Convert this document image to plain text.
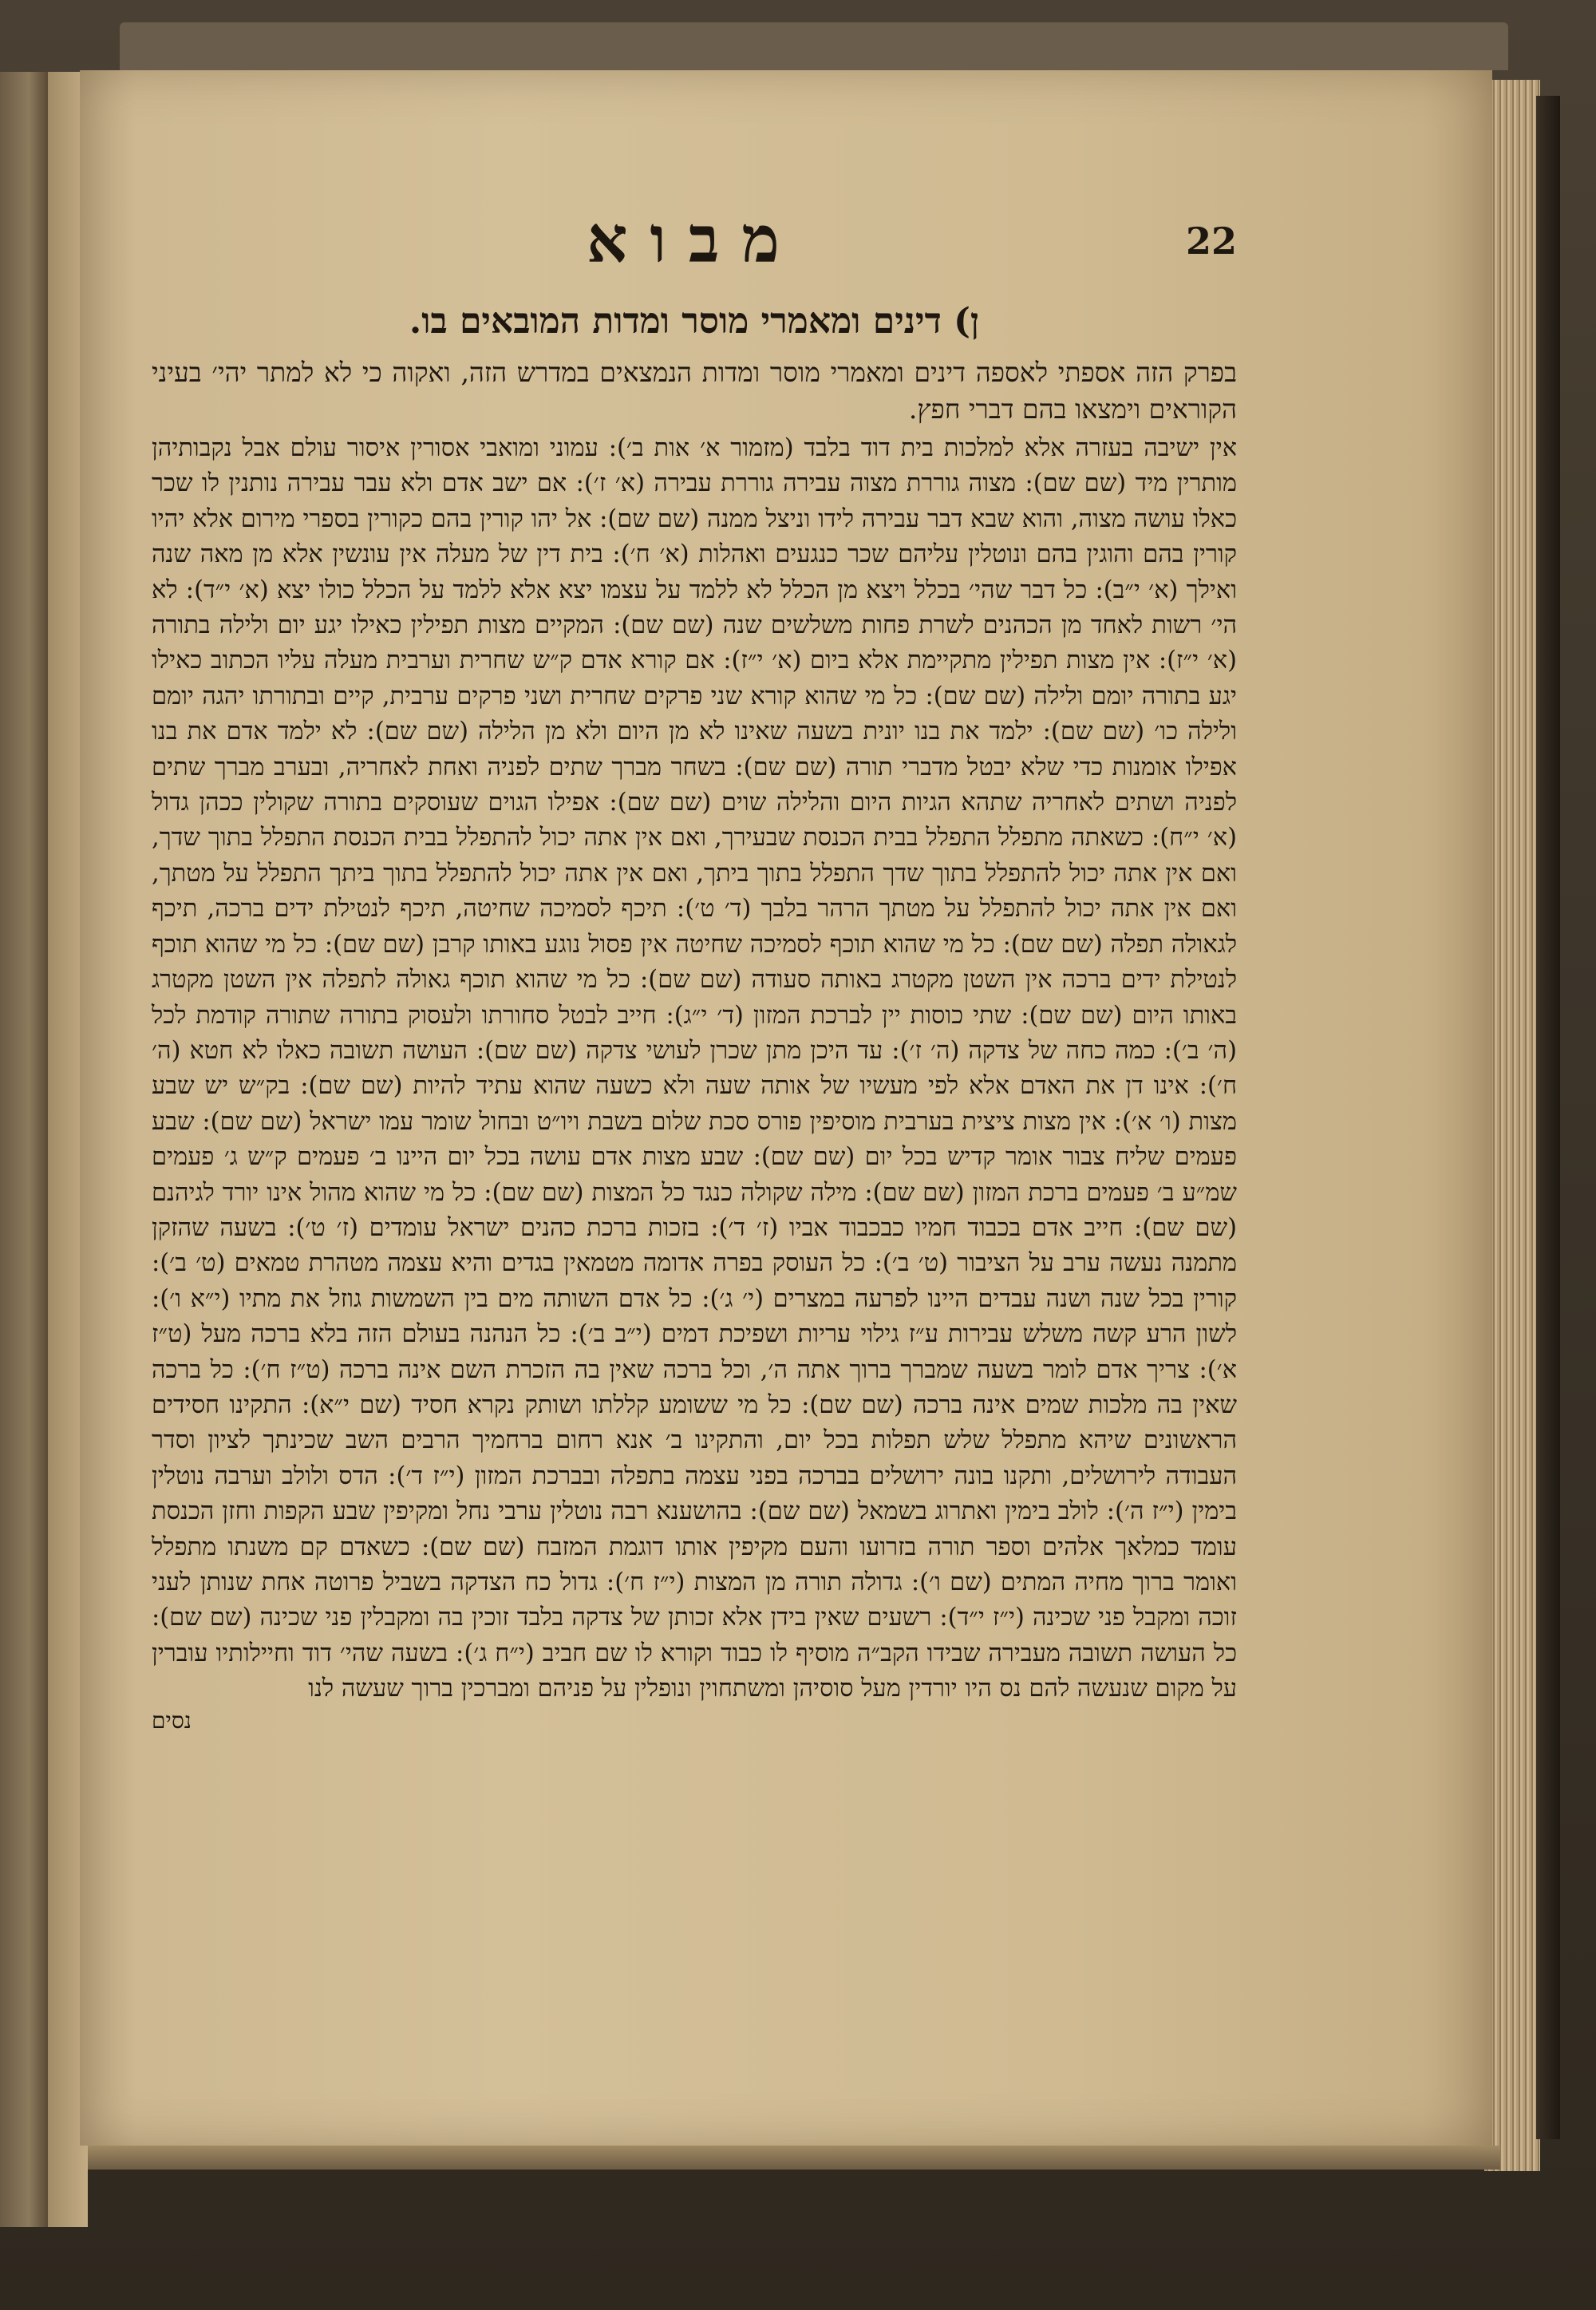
מבוא	22
ן) דינים ומאמרי מוסר ומדות המובאים בו.

בפרק הזה אספתי לאספה דינים ומאמרי מוסר ומדות הנמצאים במדרש הזה, ואקוה כי לא למתר יהי׳ בעיני הקוראים וימצאו בהם דברי חפץ.

אין ישיבה בעזרה אלא למלכות בית דוד בלבד (מזמור א׳ אות ב׳): עמוני ומואבי אסורין איסור עולם אבל נקבותיהן מותרין מיד (שם שם): מצוה גוררת מצוה עבירה גוררת עבירה (א׳ ז׳): אם ישב אדם ולא עבר עבירה נותנין לו שכר כאלו עושה מצוה, והוא שבא דבר עבירה לידו וניצל ממנה (שם שם): אל יהו קורין בהם כקורין בספרי מירום אלא יהיו קורין בהם והוגין בהם ונוטלין עליהם שכר כנגעים ואהלות (א׳ ח׳): בית דין של מעלה אין עונשין אלא מן מאה שנה ואילך (א׳ י״ב): כל דבר שהי׳ בכלל ויצא מן הכלל לא ללמד על עצמו יצא אלא ללמד על הכלל כולו יצא (א׳ י״ד): לא הי׳ רשות לאחד מן הכהנים לשרת פחות משלשים שנה (שם שם): המקיים מצות תפילין כאילו יגע יום ולילה בתורה (א׳ י״ז): אין מצות תפילין מתקיימת אלא ביום (א׳ י״ז): אם קורא אדם ק״ש שחרית וערבית מעלה עליו הכתוב כאילו יגע בתורה יומם ולילה (שם שם): כל מי שהוא קורא שני פרקים שחרית ושני פרקים ערבית, קיים ובתורתו יהגה יומם ולילה כו׳ (שם שם): ילמד את בנו יונית בשעה שאינו לא מן היום ולא מן הלילה (שם שם): לא ילמד אדם את בנו אפילו אומנות כדי שלא יבטל מדברי תורה (שם שם): בשחר מברך שתים לפניה ואחת לאחריה, ובערב מברך שתים לפניה ושתים לאחריה שתהא הגיות היום והלילה שוים (שם שם): אפילו הגוים שעוסקים בתורה שקולין ככהן גדול (א׳ י״ח): כשאתה מתפלל התפלל בבית הכנסת שבעירך, ואם אין אתה יכול להתפלל בבית הכנסת התפלל בתוך שדך, ואם אין אתה יכול להתפלל בתוך שדך התפלל בתוך ביתך, ואם אין אתה יכול להתפלל בתוך ביתך התפלל על מטתך, ואם אין אתה יכול להתפלל על מטתך הרהר בלבך (ד׳ ט׳): תיכף לסמיכה שחיטה, תיכף לנטילת ידים ברכה, תיכף לגאולה תפלה (שם שם): כל מי שהוא תוכף לסמיכה שחיטה אין פסול נוגע באותו קרבן (שם שם): כל מי שהוא תוכף לנטילת ידים ברכה אין השטן מקטרג באותה סעודה (שם שם): כל מי שהוא תוכף גאולה לתפלה אין השטן מקטרג באותו היום (שם שם): שתי כוסות יין לברכת המזון (ד׳ י״ג): חייב לבטל סחורתו ולעסוק בתורה שתורה קודמת לכל (ה׳ ב׳): כמה כחה של צדקה (ה׳ ז׳): עד היכן מתן שכרן לעושי צדקה (שם שם): העושה תשובה כאלו לא חטא (ה׳ ח׳): אינו דן את האדם אלא לפי מעשיו של אותה שעה ולא כשעה שהוא עתיד להיות (שם שם): בק״ש יש שבע מצות (ו׳ א׳): אין מצות ציצית בערבית מוסיפין פורס סכת שלום בשבת ויו״ט ובחול שומר עמו ישראל (שם שם): שבע פעמים שליח צבור אומר קדיש בכל יום (שם שם): שבע מצות אדם עושה בכל יום היינו ב׳ פעמים ק״ש ג׳ פעמים שמ״ע ב׳ פעמים ברכת המזון (שם שם): מילה שקולה כנגד כל המצות (שם שם): כל מי שהוא מהול אינו יורד לגיהנם (שם שם): חייב אדם בכבוד חמיו כבכבוד אביו (ז׳ ד׳): בזכות ברכת כהנים ישראל עומדים (ז׳ ט׳): בשעה שהזקן מתמנה נעשה ערב על הציבור (ט׳ ב׳): כל העוסק בפרה אדומה מטמאין בגדים והיא עצמה מטהרת טמאים (ט׳ ב׳): קורין בכל שנה ושנה עבדים היינו לפרעה במצרים (י׳ ג׳): כל אדם השותה מים בין השמשות גוזל את מתיו (י״א ו׳): לשון הרע קשה משלש עבירות ע״ז גילוי עריות ושפיכת דמים (י״ב ב׳): כל הנהנה בעולם הזה בלא ברכה מעל (ט״ז א׳): צריך אדם לומר בשעה שמברך ברוך אתה ה׳, וכל ברכה שאין בה הזכרת השם אינה ברכה (ט״ז ח׳): כל ברכה שאין בה מלכות שמים אינה ברכה (שם שם): כל מי ששומע קללתו ושותק נקרא חסיד (שם י״א): התקינו חסידים הראשונים שיהא מתפלל שלש תפלות בכל יום, והתקינו ב׳ אנא רחום ברחמיך הרבים השב שכינתך לציון וסדר העבודה לירושלים, ותקנו בונה ירושלים בברכה בפני עצמה בתפלה ובברכת המזון (י״ז ד׳): הדס ולולב וערבה נוטלין בימין (י״ז ה׳): לולב בימין ואתרוג בשמאל (שם שם): בהושענא רבה נוטלין ערבי נחל ומקיפין שבע הקפות וחזן הכנסת עומד כמלאך אלהים וספר תורה בזרועו והעם מקיפין אותו דוגמת המזבח (שם שם): כשאדם קם משנתו מתפלל ואומר ברוך מחיה המתים (שם ו׳): גדולה תורה מן המצות (י״ז ח׳): גדול כח הצדקה בשביל פרוטה אחת שנותן לעני זוכה ומקבל פני שכינה (י״ז י״ד): רשעים שאין בידן אלא זכותן של צדקה בלבד זוכין בה ומקבלין פני שכינה (שם שם): כל העושה תשובה מעבירה שבידו הקב״ה מוסיף לו כבוד וקורא לו שם חביב (י״ח ג׳): בשעה שהי׳ דוד וחיילותיו עוברין על מקום שנעשה להם נס היו יורדין מעל סוסיהן ומשתחוין ונופלין על פניהם ומברכין ברוך שעשה לנו

נסים
